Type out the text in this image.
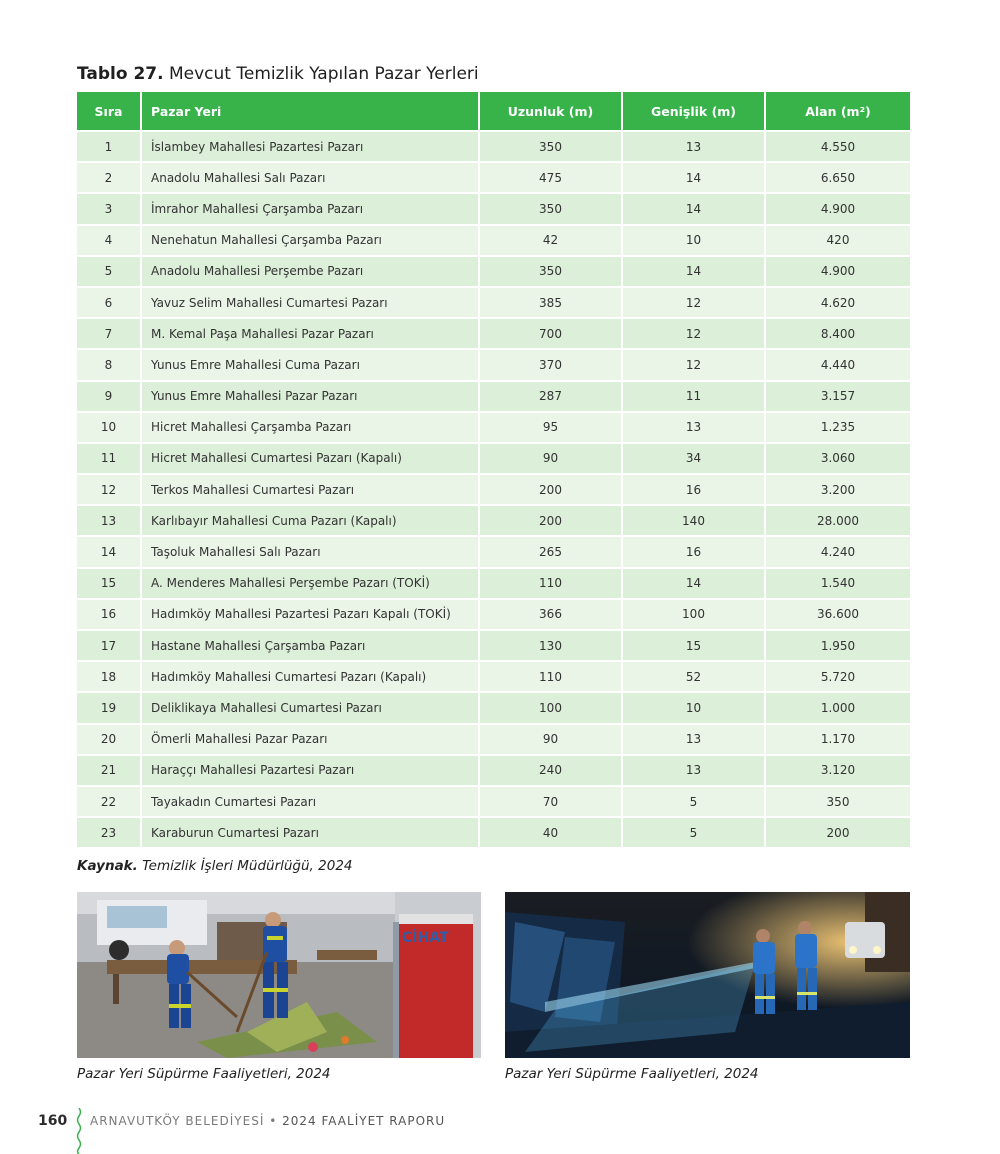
Tablo 27. Mevcut Temizlik Yapılan Pazar Yerleri
Sıra	Pazar Yeri	Uzunluk (m)	Genişlik (m)	Alan (m²)
1	İslambey Mahallesi Pazartesi Pazarı	350	13	4.550
2	Anadolu Mahallesi Salı Pazarı	475	14	6.650
3	İmrahor Mahallesi Çarşamba Pazarı	350	14	4.900
4	Nenehatun Mahallesi Çarşamba Pazarı	42	10	420
5	Anadolu Mahallesi Perşembe Pazarı	350	14	4.900
6	Yavuz Selim Mahallesi Cumartesi Pazarı	385	12	4.620
7	M. Kemal Paşa Mahallesi Pazar Pazarı	700	12	8.400
8	Yunus Emre Mahallesi Cuma Pazarı	370	12	4.440
9	Yunus Emre Mahallesi Pazar Pazarı	287	11	3.157
10	Hicret Mahallesi Çarşamba Pazarı	95	13	1.235
11	Hicret Mahallesi Cumartesi Pazarı (Kapalı)	90	34	3.060
12	Terkos Mahallesi Cumartesi Pazarı	200	16	3.200
13	Karlıbayır Mahallesi Cuma Pazarı (Kapalı)	200	140	28.000
14	Taşoluk Mahallesi Salı Pazarı	265	16	4.240
15	A. Menderes Mahallesi Perşembe Pazarı (TOKİ)	110	14	1.540
16	Hadımköy Mahallesi Pazartesi Pazarı Kapalı (TOKİ)	366	100	36.600
17	Hastane Mahallesi Çarşamba Pazarı	130	15	1.950
18	Hadımköy Mahallesi Cumartesi Pazarı (Kapalı)	110	52	5.720
19	Deliklikaya Mahallesi Cumartesi Pazarı	100	10	1.000
20	Ömerli Mahallesi Pazar Pazarı	90	13	1.170
21	Haraççı Mahallesi Pazartesi Pazarı	240	13	3.120
22	Tayakadın Cumartesi Pazarı	70	5	350
23	Karaburun Cumartesi Pazarı	40	5	200
Kaynak. Temizlik İşleri Müdürlüğü, 2024
CİHAT
Pazar Yeri Süpürme Faaliyetleri, 2024	Pazar Yeri Süpürme Faaliyetleri, 2024
160 ARNAVUTKÖY BELEDİYESİ • 2024 FAALİYET RAPORU
